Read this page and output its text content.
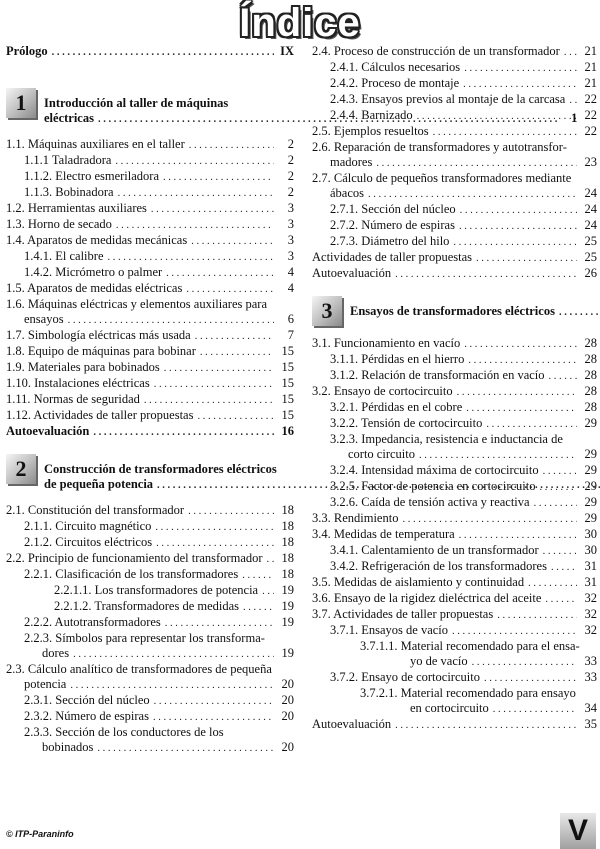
Índice
Prólogo . . .	IX
1	Introducción al taller de máquinas
eléctricas . . .	1
1.1. Máquinas auxiliares en el taller . . .	2
1.1.1 Taladradora . . .	2
1.1.2. Electro esmeriladora . . .	2
1.1.3. Bobinadora . . .	2
1.2. Herramientas auxiliares . . .	3
1.3. Horno de secado . . .	3
1.4. Aparatos de medidas mecánicas . . .	3
1.4.1. El calibre . . .	3
1.4.2. Micrómetro o palmer . . .	4
1.5. Aparatos de medidas eléctricas . . .	4
1.6. Máquinas eléctricas y elementos auxiliares para
ensayos . . .	6
1.7. Simbología eléctricas más usada . . .	7
1.8. Equipo de máquinas para bobinar . . .	15
1.9. Materiales para bobinados . . .	15
1.10. Instalaciones eléctricas . . .	15
1.11. Normas de seguridad . . .	15
1.12. Actividades de taller propuestas . . .	15
Autoevaluación . . .	16
2	Construcción de transformadores eléctricos
de pequeña potencia
. . .
2.1. Constitución del transformador . . .	18
2.1.1. Circuito magnético . . .	18
2.1.2. Circuitos eléctricos . . .	18
2.2. Principio de funcionamiento del transformador . . .	18
2.2.1. Clasificación de los transformadores . . .	18
2.2.1.1. Los transformadores de potencia . . .	19
2.2.1.2. Transformadores de medidas . . .	19
2.2.2. Autotransformadores . . .	19
2.2.3. Símbolos para representar los transforma-
dores . . .	19
2.3. Cálculo analítico de transformadores de pequeña
potencia . . .	20
2.3.1. Sección del núcleo . . .	20
2.3.2. Número de espiras . . .	20
2.3.3. Sección de los conductores de los
bobinados . . .	20
2.4. Proceso de construcción de un transformador . . .	21
2.4.1. Cálculos necesarios . . .	21
2.4.2. Proceso de montaje . . .	21
2.4.3. Ensayos previos al montaje de la carcasa . . .	22
2.4.4. Barnizado . . .	22
2.5. Ejemplos resueltos . . .	22
2.6. Reparación de transformadores y autotransfor-
madores . . .	23
2.7. Cálculo de pequeños transformadores mediante
ábacos . . .	24
2.7.1. Sección del núcleo . . .	24
2.7.2. Número de espiras . . .	24
2.7.3. Diámetro del hilo . . .	25
Actividades de taller propuestas . . .	25
Autoevaluación . . .	26
3	Ensayos de transformadores eléctricos
. . .
3.1. Funcionamiento en vacío . . .	28
3.1.1. Pérdidas en el hierro . . .	28
3.1.2. Relación de transformación en vacío . . .	28
3.2. Ensayo de cortocircuito . . .	28
3.2.1. Pérdidas en el cobre . . .	28
3.2.2. Tensión de cortocircuito . . .	29
3.2.3. Impedancia, resistencia e inductancia de
corto circuito . . .	29
3.2.4. Intensidad máxima de cortocircuito . . .	29
3.2.5. Factor de potencia en cortocircuito . . .	29
3.2.6. Caída de tensión activa y reactiva . . .	29
3.3. Rendimiento . . .	29
3.4. Medidas de temperatura . . .	30
3.4.1. Calentamiento de un transformador . . .	30
3.4.2. Refrigeración de los transformadores . . .	31
3.5. Medidas de aislamiento y continuidad . . .	31
3.6. Ensayo de la rigidez dieléctrica del aceite . . .	32
3.7. Actividades de taller propuestas . . .	32
3.7.1. Ensayos de vacío . . .	32
3.7.1.1. Material recomendado para el ensa-
yo de vacío . . .	33
3.7.2. Ensayo de cortocircuito . . .	33
3.7.2.1. Material recomendado para ensayo
en cortocircuito . . .	34
Autoevaluación . . .	35
© ITP-Paraninfo	V
